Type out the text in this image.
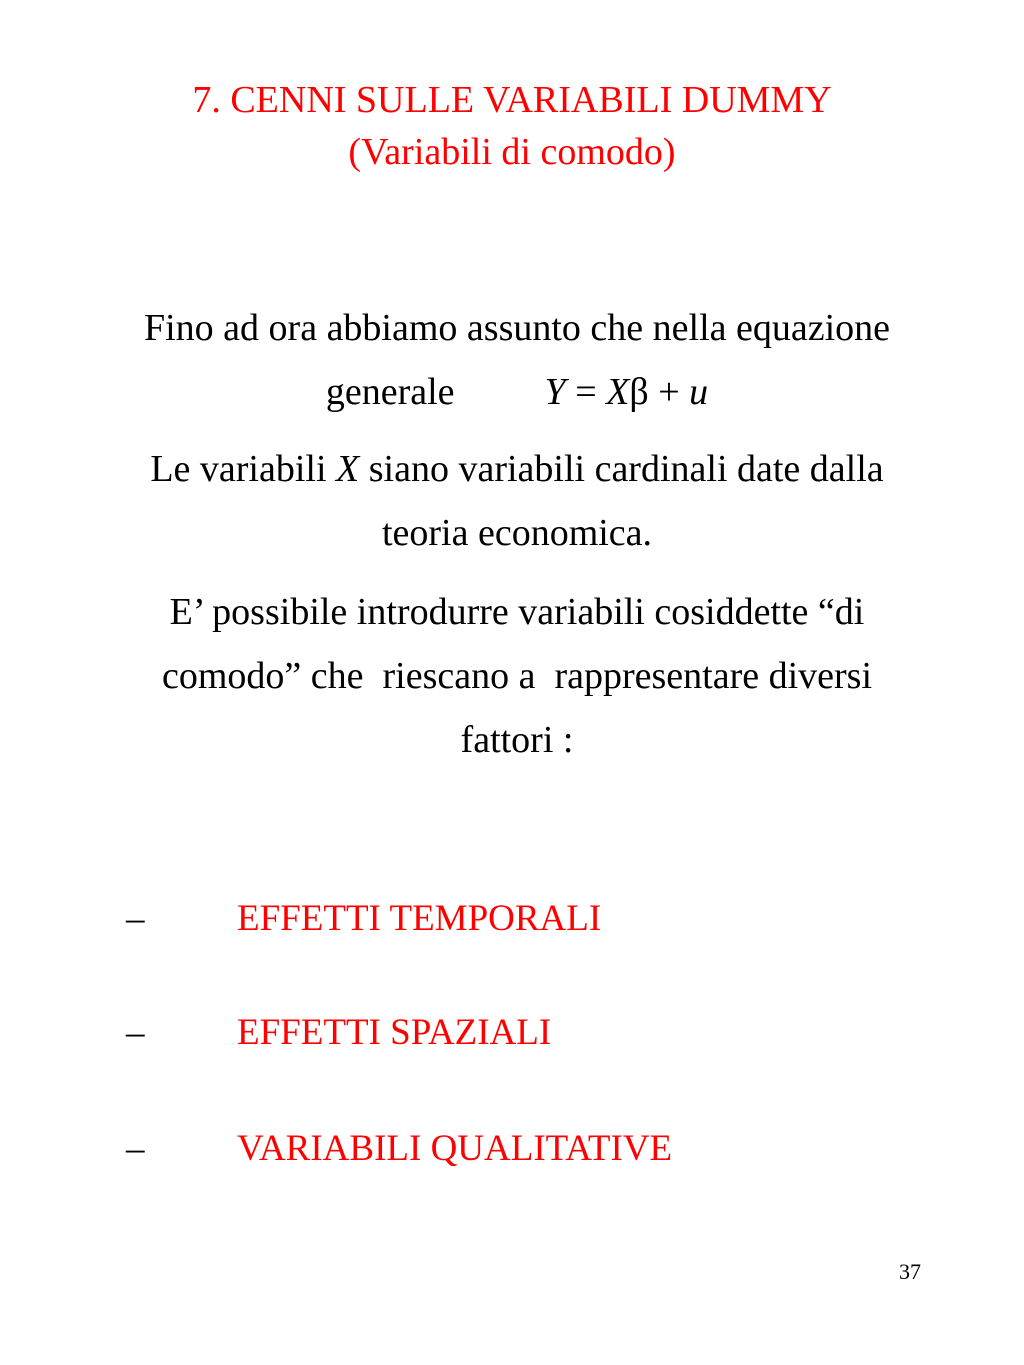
7. CENNI SULLE VARIABILI DUMMY
(Variabili di comodo)
Fino ad ora abbiamo assunto che nella equazione
generale Y = Xβ + u
Le variabili X siano variabili cardinali date dalla
teoria economica.
E’ possibile introdurre variabili cosiddette “di
comodo” che  riescano a  rappresentare diversi
fattori :
–	EFFETTI TEMPORALI
–	EFFETTI SPAZIALI
–	VARIABILI QUALITATIVE
37
